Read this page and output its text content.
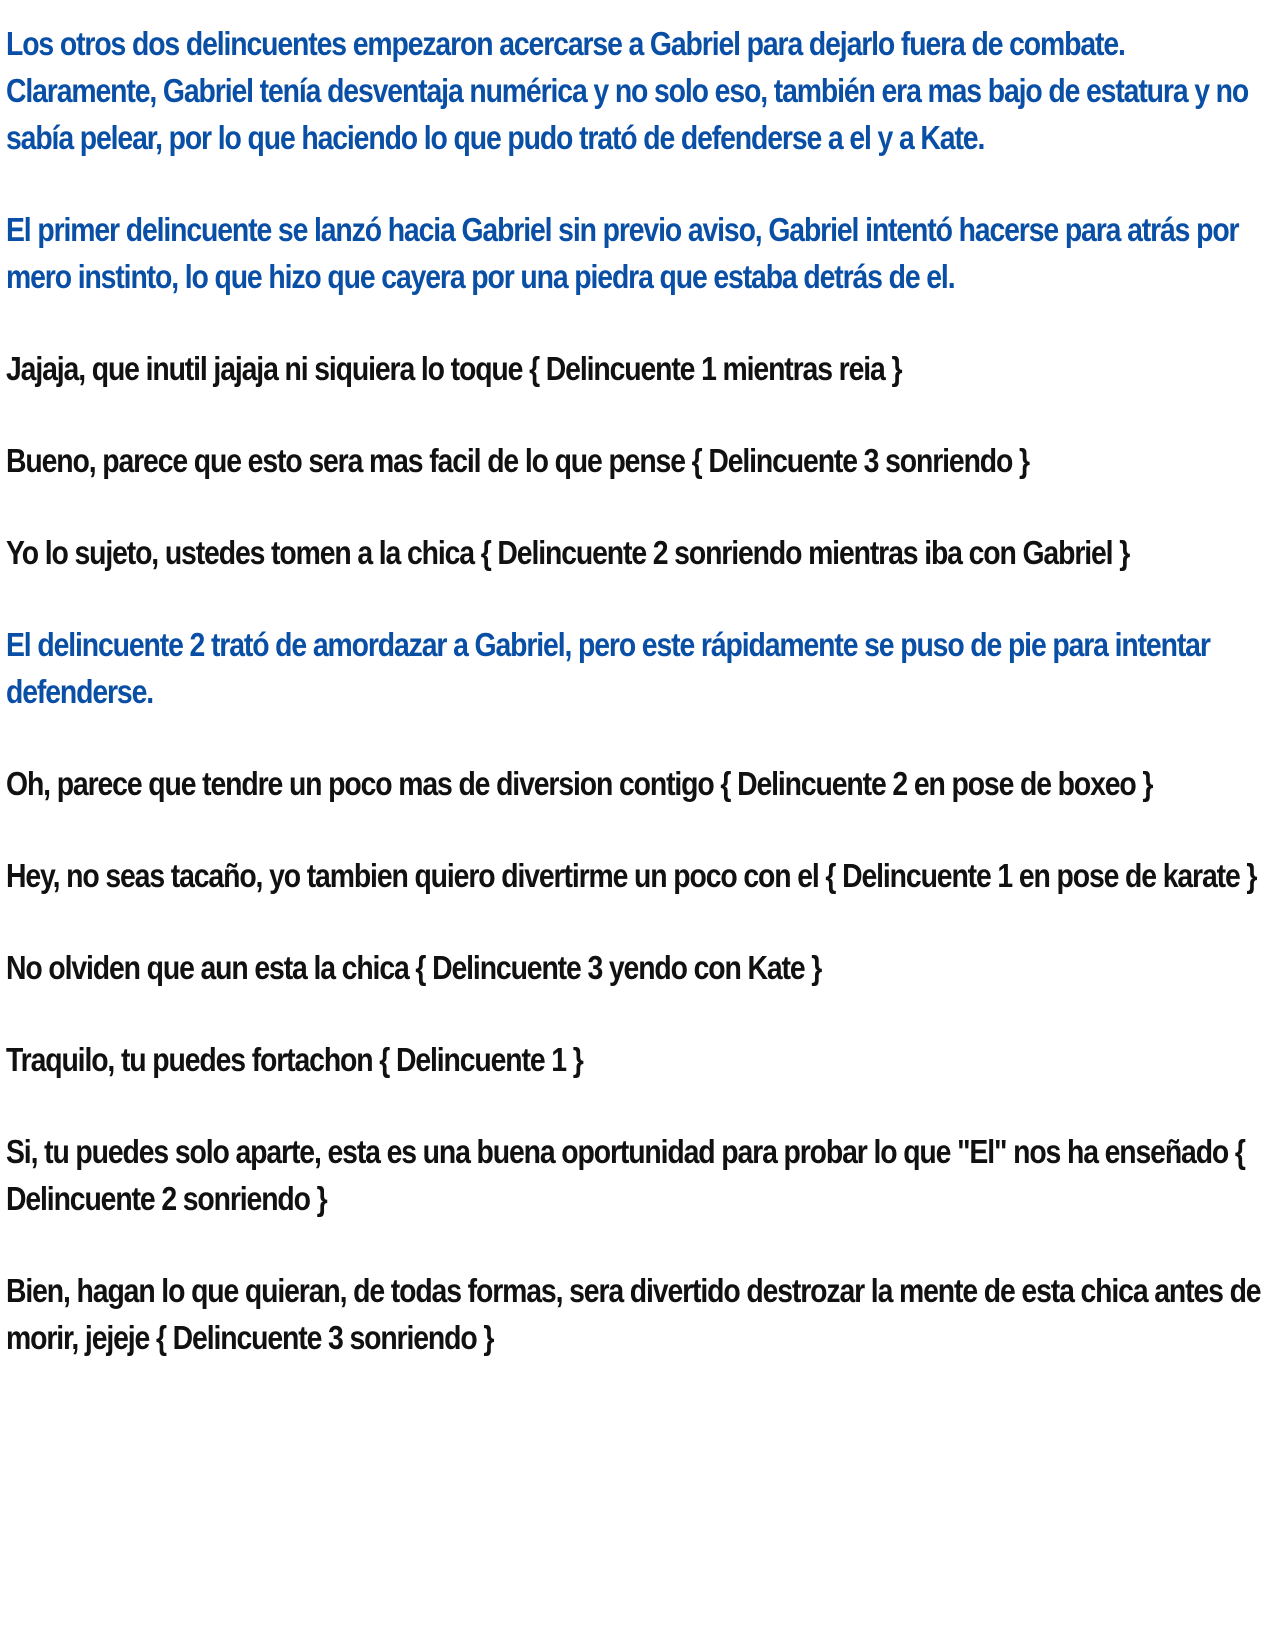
Los otros dos delincuentes empezaron acercarse a Gabriel para dejarlo fuera de combate. Claramente, Gabriel tenía desventaja numérica y no solo eso, también era mas bajo de estatura y no sabía pelear, por lo que haciendo lo que pudo trató de defenderse a el y a Kate.

El primer delincuente se lanzó hacia Gabriel sin previo aviso, Gabriel intentó hacerse para atrás por mero instinto, lo que hizo que cayera por una piedra que estaba detrás de el.

Jajaja, que inutil jajaja ni siquiera lo toque { Delincuente 1 mientras reia }

Bueno, parece que esto sera mas facil de lo que pense { Delincuente 3 sonriendo }

Yo lo sujeto, ustedes tomen a la chica { Delincuente 2 sonriendo mientras iba con Gabriel }

El delincuente 2 trató de amordazar a Gabriel, pero este rápidamente se puso de pie para intentar defenderse.

Oh, parece que tendre un poco mas de diversion contigo { Delincuente 2 en pose de boxeo }

Hey, no seas tacaño, yo tambien quiero divertirme un poco con el { Delincuente 1 en pose de karate }

No olviden que aun esta la chica { Delincuente 3 yendo con Kate }

Traquilo, tu puedes fortachon { Delincuente 1 }

Si, tu puedes solo aparte, esta es una buena oportunidad para probar lo que "El" nos ha enseñado { Delincuente 2 sonriendo }

Bien, hagan lo que quieran, de todas formas, sera divertido destrozar la mente de esta chica antes de morir, jejeje { Delincuente 3 sonriendo }
